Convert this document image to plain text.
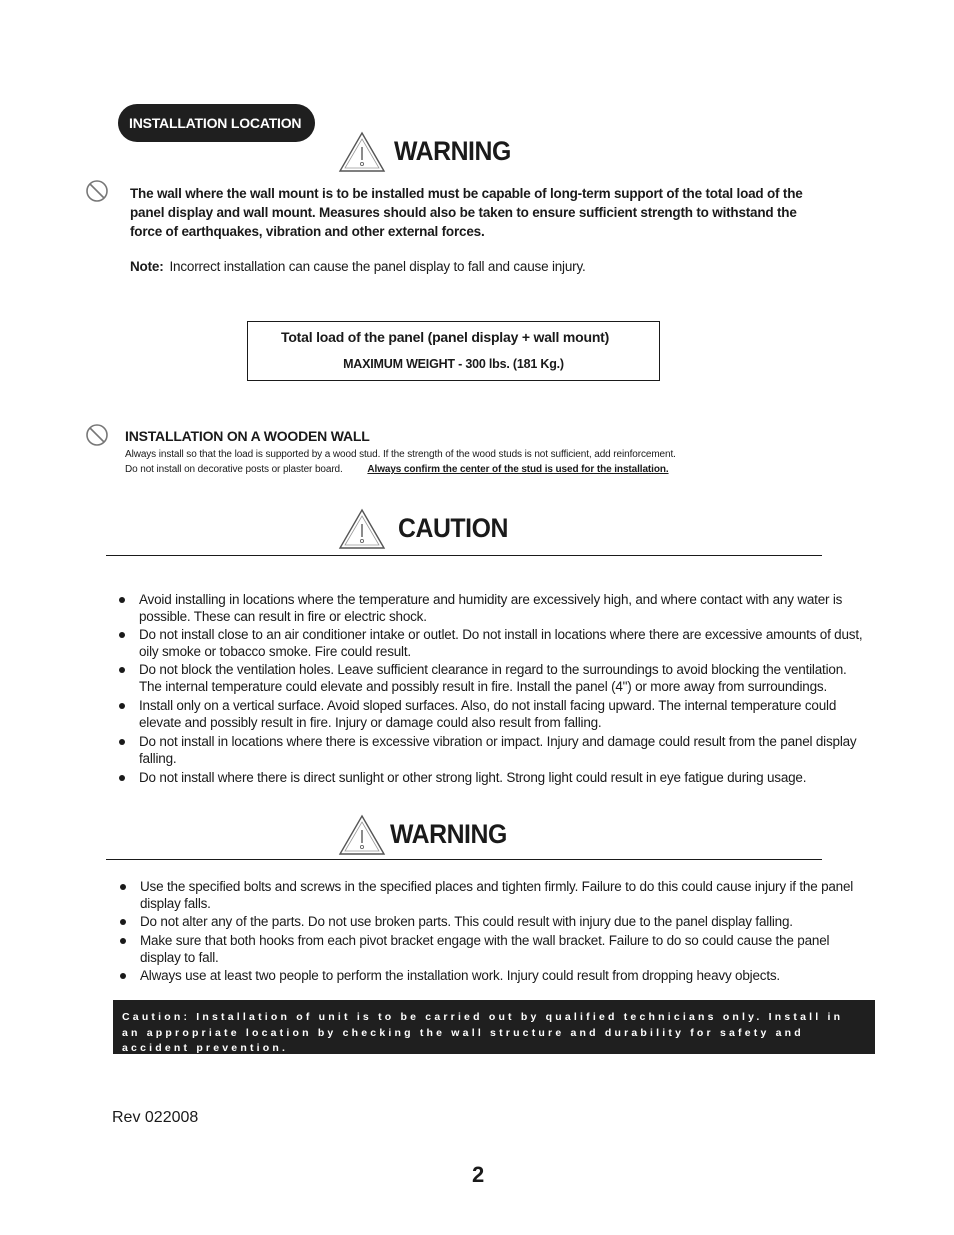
INSTALLATION LOCATION
WARNING
The wall where the wall mount is to be installed must be capable of long-term support of the total load of the panel display and wall mount. Measures should also be taken to ensure sufficient strength to withstand the force of earthquakes, vibration and other external forces.
Note: Incorrect installation can cause the panel display to fall and cause injury.
Total load of the panel (panel display + wall mount)
MAXIMUM WEIGHT - 300 lbs. (181 Kg.)
INSTALLATION ON A WOODEN WALL
Always install so that the load is supported by a wood stud. If the strength of the wood studs is not sufficient, add reinforcement.
Do not install on decorative posts or plaster board. Always confirm the center of the stud is used for the installation.
CAUTION
Avoid installing in locations where the temperature and humidity are excessively high, and where contact with any water is possible. These can result in fire or electric shock.
Do not install close to an air conditioner intake or outlet. Do not install in locations where there are excessive amounts of dust, oily smoke or tobacco smoke. Fire could result.
Do not block the ventilation holes. Leave sufficient clearance in regard to the surroundings to avoid blocking the ventilation. The internal temperature could elevate and possibly result in fire. Install the panel (4") or more away from surroundings.
Install only on a vertical surface. Avoid sloped surfaces. Also, do not install facing upward. The internal temperature could elevate and possibly result in fire. Injury or damage could also result from falling.
Do not install in locations where there is excessive vibration or impact. Injury and damage could result from the panel display falling.
Do not install where there is direct sunlight or other strong light. Strong light could result in eye fatigue during usage.
WARNING
Use the specified bolts and screws in the specified places and tighten firmly. Failure to do this could cause injury if the panel display falls.
Do not alter any of the parts. Do not use broken parts. This could result with injury due to the panel display falling.
Make sure that both hooks from each pivot bracket engage with the wall bracket. Failure to do so could cause the panel display to fall.
Always use at least two people to perform the installation work. Injury could result from dropping heavy objects.
Caution: Installation of unit is to be carried out by qualified technicians only. Install in an appropriate location by checking the wall structure and durability for safety and accident prevention.
Rev 022008
2
